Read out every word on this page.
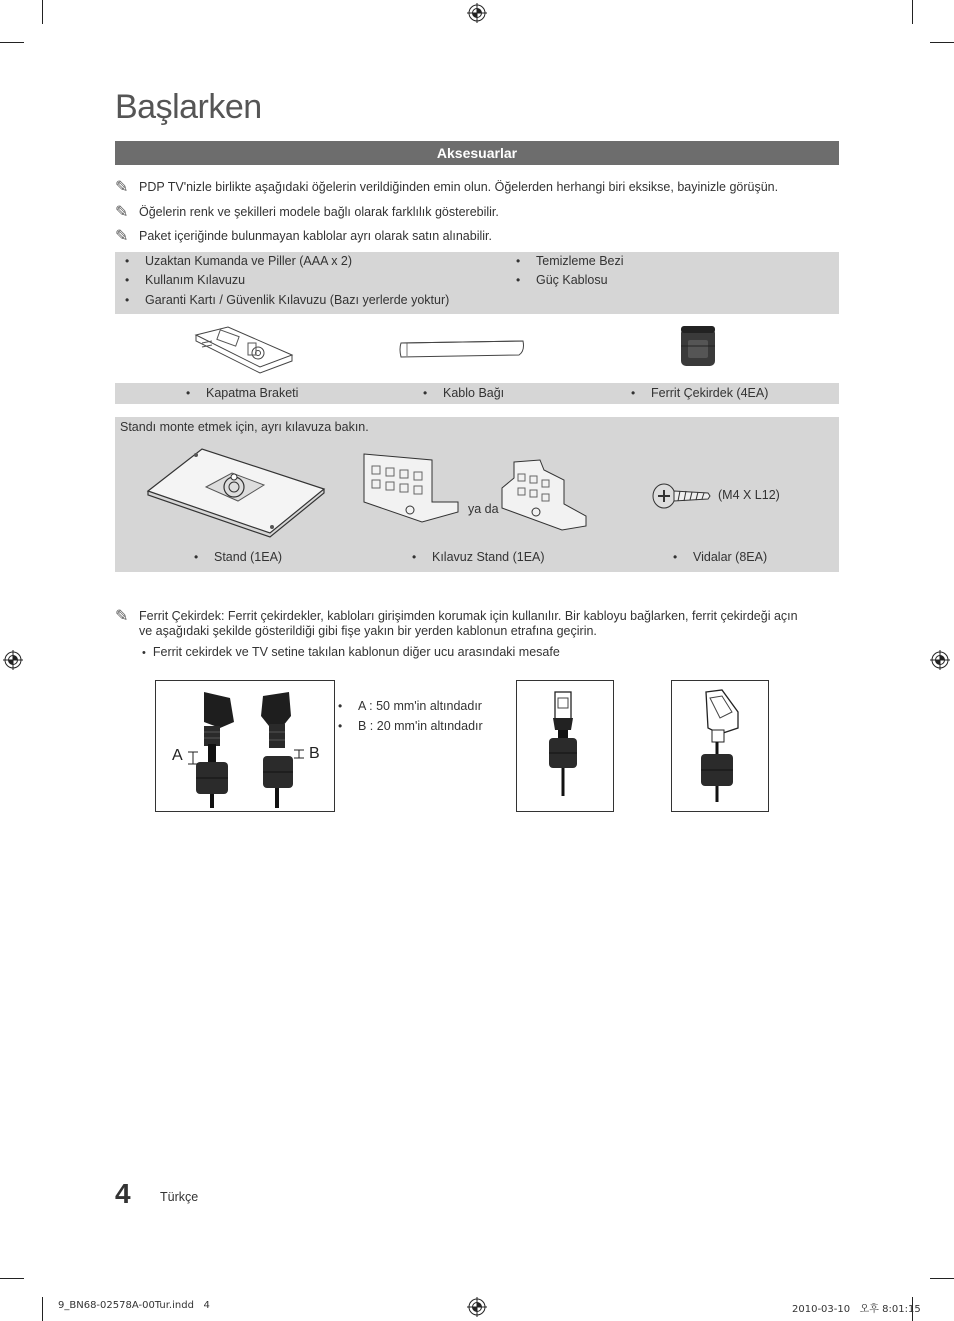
Başlarken
Aksesuarlar
✎ PDP TV'nizle birlikte aşağıdaki öğelerin verildiğinden emin olun. Öğelerden herhangi biri eksikse, bayinizle görüşün.
✎ Öğelerin renk ve şekilleri modele bağlı olarak farklılık gösterebilir.
✎ Paket içeriğinde bulunmayan kablolar ayrı olarak satın alınabilir.
• Uzaktan Kumanda ve Piller (AAA x 2)
• Kullanım Kılavuzu
• Garanti Kartı / Güvenlik Kılavuzu (Bazı yerlerde yoktur)
• Temizleme Bezi
• Güç Kablosu
• Kapatma Braketi	• Kablo Bağı	• Ferrit Çekirdek (4EA)
Standı monte etmek için, ayrı kılavuza bakın.
ya da
(M4 X L12)
• Stand (1EA)	• Kılavuz Stand (1EA)	• Vidalar (8EA)
✎ Ferrit Çekirdek: Ferrit çekirdekler, kabloları girişimden korumak için kullanılır. Bir kabloyu bağlarken, ferrit çekirdeği açın
ve aşağıdaki şekilde gösterildiği gibi fişe yakın bir yerden kablonun etrafına geçirin.
• Ferrit cekirdek ve TV setine takılan kablonun diğer ucu arasındaki mesafe
A	B
• A : 50 mm'in altındadır
• B : 20 mm'in altındadır
4 Türkçe
9_BN68-02578A-00Tur.indd   4	2010-03-10   오후 8:01:15
